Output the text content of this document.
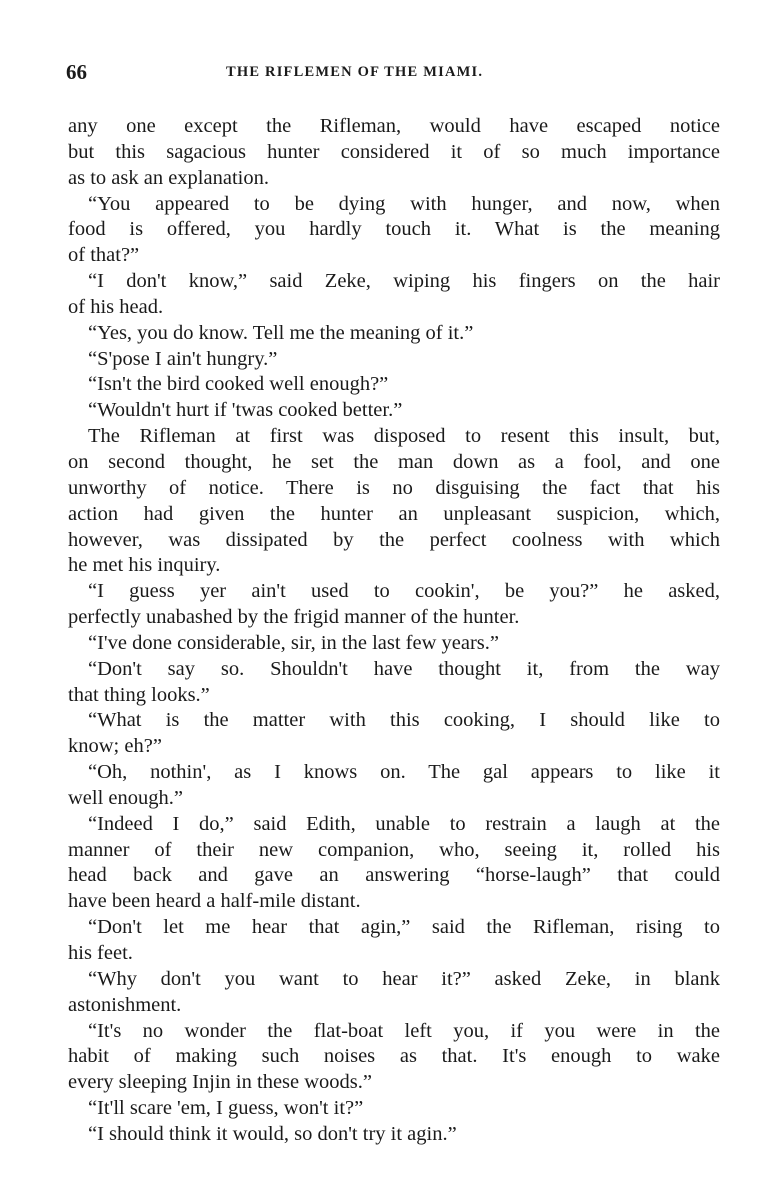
66	THE RIFLEMEN OF THE MIAMI.
any one except the Rifleman, would have escaped notice
but this sagacious hunter considered it of so much importance
as to ask an explanation.
“You appeared to be dying with hunger, and now, when
food is offered, you hardly touch it. What is the meaning
of that?”
“I don't know,” said Zeke, wiping his fingers on the hair
of his head.
“Yes, you do know. Tell me the meaning of it.”
“S'pose I ain't hungry.”
“Isn't the bird cooked well enough?”
“Wouldn't hurt if 'twas cooked better.”
The Rifleman at first was disposed to resent this insult, but,
on second thought, he set the man down as a fool, and one
unworthy of notice. There is no disguising the fact that his
action had given the hunter an unpleasant suspicion, which,
however, was dissipated by the perfect coolness with which
he met his inquiry.
“I guess yer ain't used to cookin', be you?” he asked,
perfectly unabashed by the frigid manner of the hunter.
“I've done considerable, sir, in the last few years.”
“Don't say so. Shouldn't have thought it, from the way
that thing looks.”
“What is the matter with this cooking, I should like to
know; eh?”
“Oh, nothin', as I knows on. The gal appears to like it
well enough.”
“Indeed I do,” said Edith, unable to restrain a laugh at the
manner of their new companion, who, seeing it, rolled his
head back and gave an answering “horse-laugh” that could
have been heard a half-mile distant.
“Don't let me hear that agin,” said the Rifleman, rising to
his feet.
“Why don't you want to hear it?” asked Zeke, in blank
astonishment.
“It's no wonder the flat-boat left you, if you were in the
habit of making such noises as that. It's enough to wake
every sleeping Injin in these woods.”
“It'll scare 'em, I guess, won't it?”
“I should think it would, so don't try it agin.”
